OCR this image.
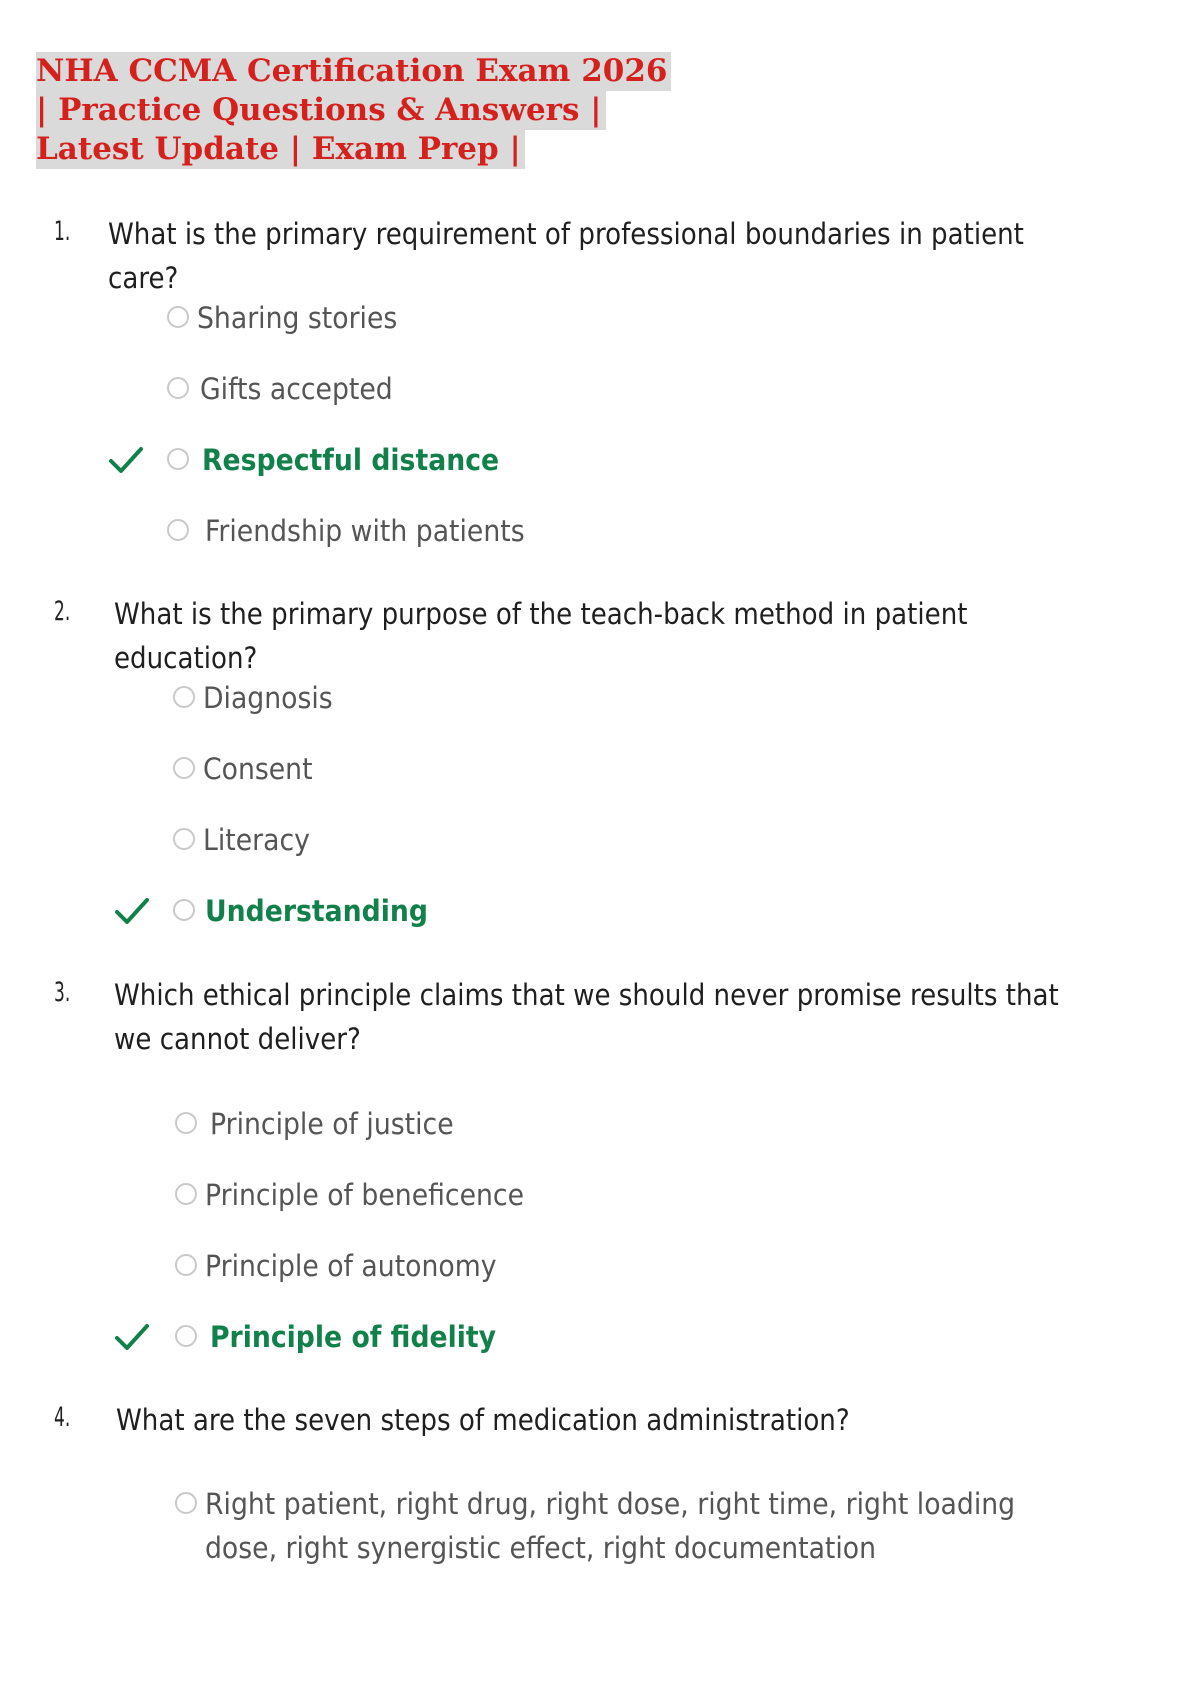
NHA CCMA Certification Exam 2026
| Practice Questions & Answers |
Latest Update | Exam Prep |
1. What is the primary requirement of professional boundaries in patient care?

Sharing stories
Gifts accepted
Respectful distance
Friendship with patients
2. What is the primary purpose of the teach-back method in patient education?

Diagnosis
Consent
Literacy
Understanding
3. Which ethical principle claims that we should never promise results that we cannot deliver?

Principle of justice
Principle of beneficence
Principle of autonomy
Principle of fidelity
4. What are the seven steps of medication administration?

Right patient, right drug, right dose, right time, right loading dose, right synergistic effect, right documentation
